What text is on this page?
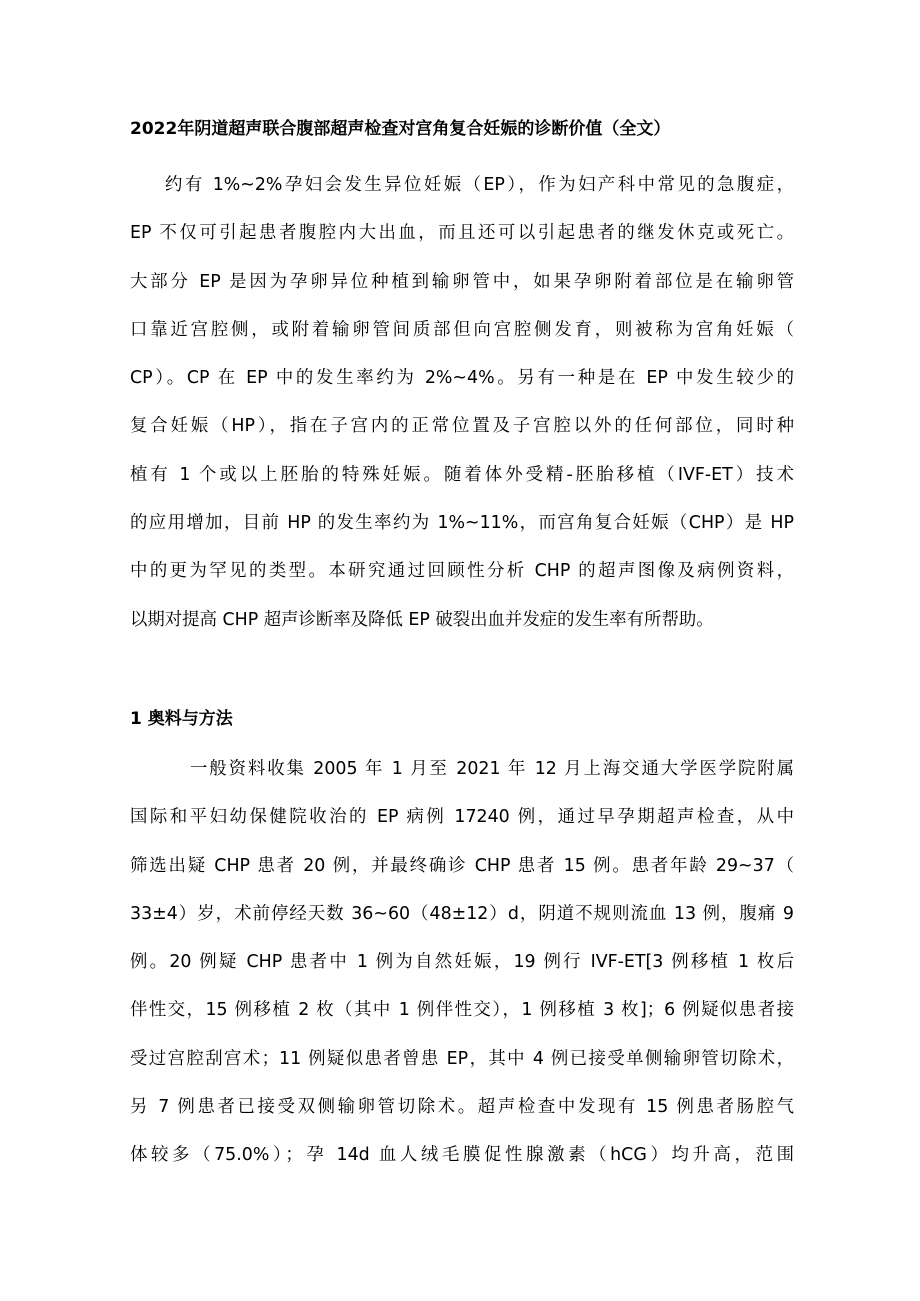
2022年阴道超声联合腹部超声检查对宫角复合妊娠的诊断价值（全文）

约有 1%~2%孕妇会发生异位妊娠（EP），作为妇产科中常见的急腹症，
EP 不仅可引起患者腹腔内大出血，而且还可以引起患者的继发休克或死亡。
大部分 EP 是因为孕卵异位种植到输卵管中，如果孕卵附着部位是在输卵管
口靠近宫腔侧，或附着输卵管间质部但向宫腔侧发育，则被称为宫角妊娠（
CP）。CP 在 EP 中的发生率约为 2%~4%。另有一种是在 EP 中发生较少的
复合妊娠（HP），指在子宫内的正常位置及子宫腔以外的任何部位，同时种
植有 1 个或以上胚胎的特殊妊娠。随着体外受精-胚胎移植（IVF-ET）技术
的应用增加，目前 HP 的发生率约为 1%~11%，而宫角复合妊娠（CHP）是 HP
中的更为罕见的类型。本研究通过回顾性分析 CHP 的超声图像及病例资料，
以期对提高 CHP 超声诊断率及降低 EP 破裂出血并发症的发生率有所帮助。

1 奥料与方法

一般资料收集 2005 年 1 月至 2021 年 12 月上海交通大学医学院附属
国际和平妇幼保健院收治的 EP 病例 17240 例，通过早孕期超声检查，从中
筛选出疑 CHP 患者 20 例，并最终确诊 CHP 患者 15 例。患者年龄 29~37（
33±4）岁，术前停经天数 36~60（48±12）d，阴道不规则流血 13 例，腹痛 9
例。20 例疑 CHP 患者中 1 例为自然妊娠，19 例行 IVF-ET[3 例移植 1 枚后
伴性交，15 例移植 2 枚（其中 1 例伴性交），1 例移植 3 枚]；6 例疑似患者接
受过宫腔刮宫术；11 例疑似患者曾患 EP，其中 4 例已接受单侧输卵管切除术，
另 7 例患者已接受双侧输卵管切除术。超声检查中发现有 15 例患者肠腔气
体较多（75.0%）；孕 14d 血人绒毛膜促性腺激素（hCG）均升高，范围
